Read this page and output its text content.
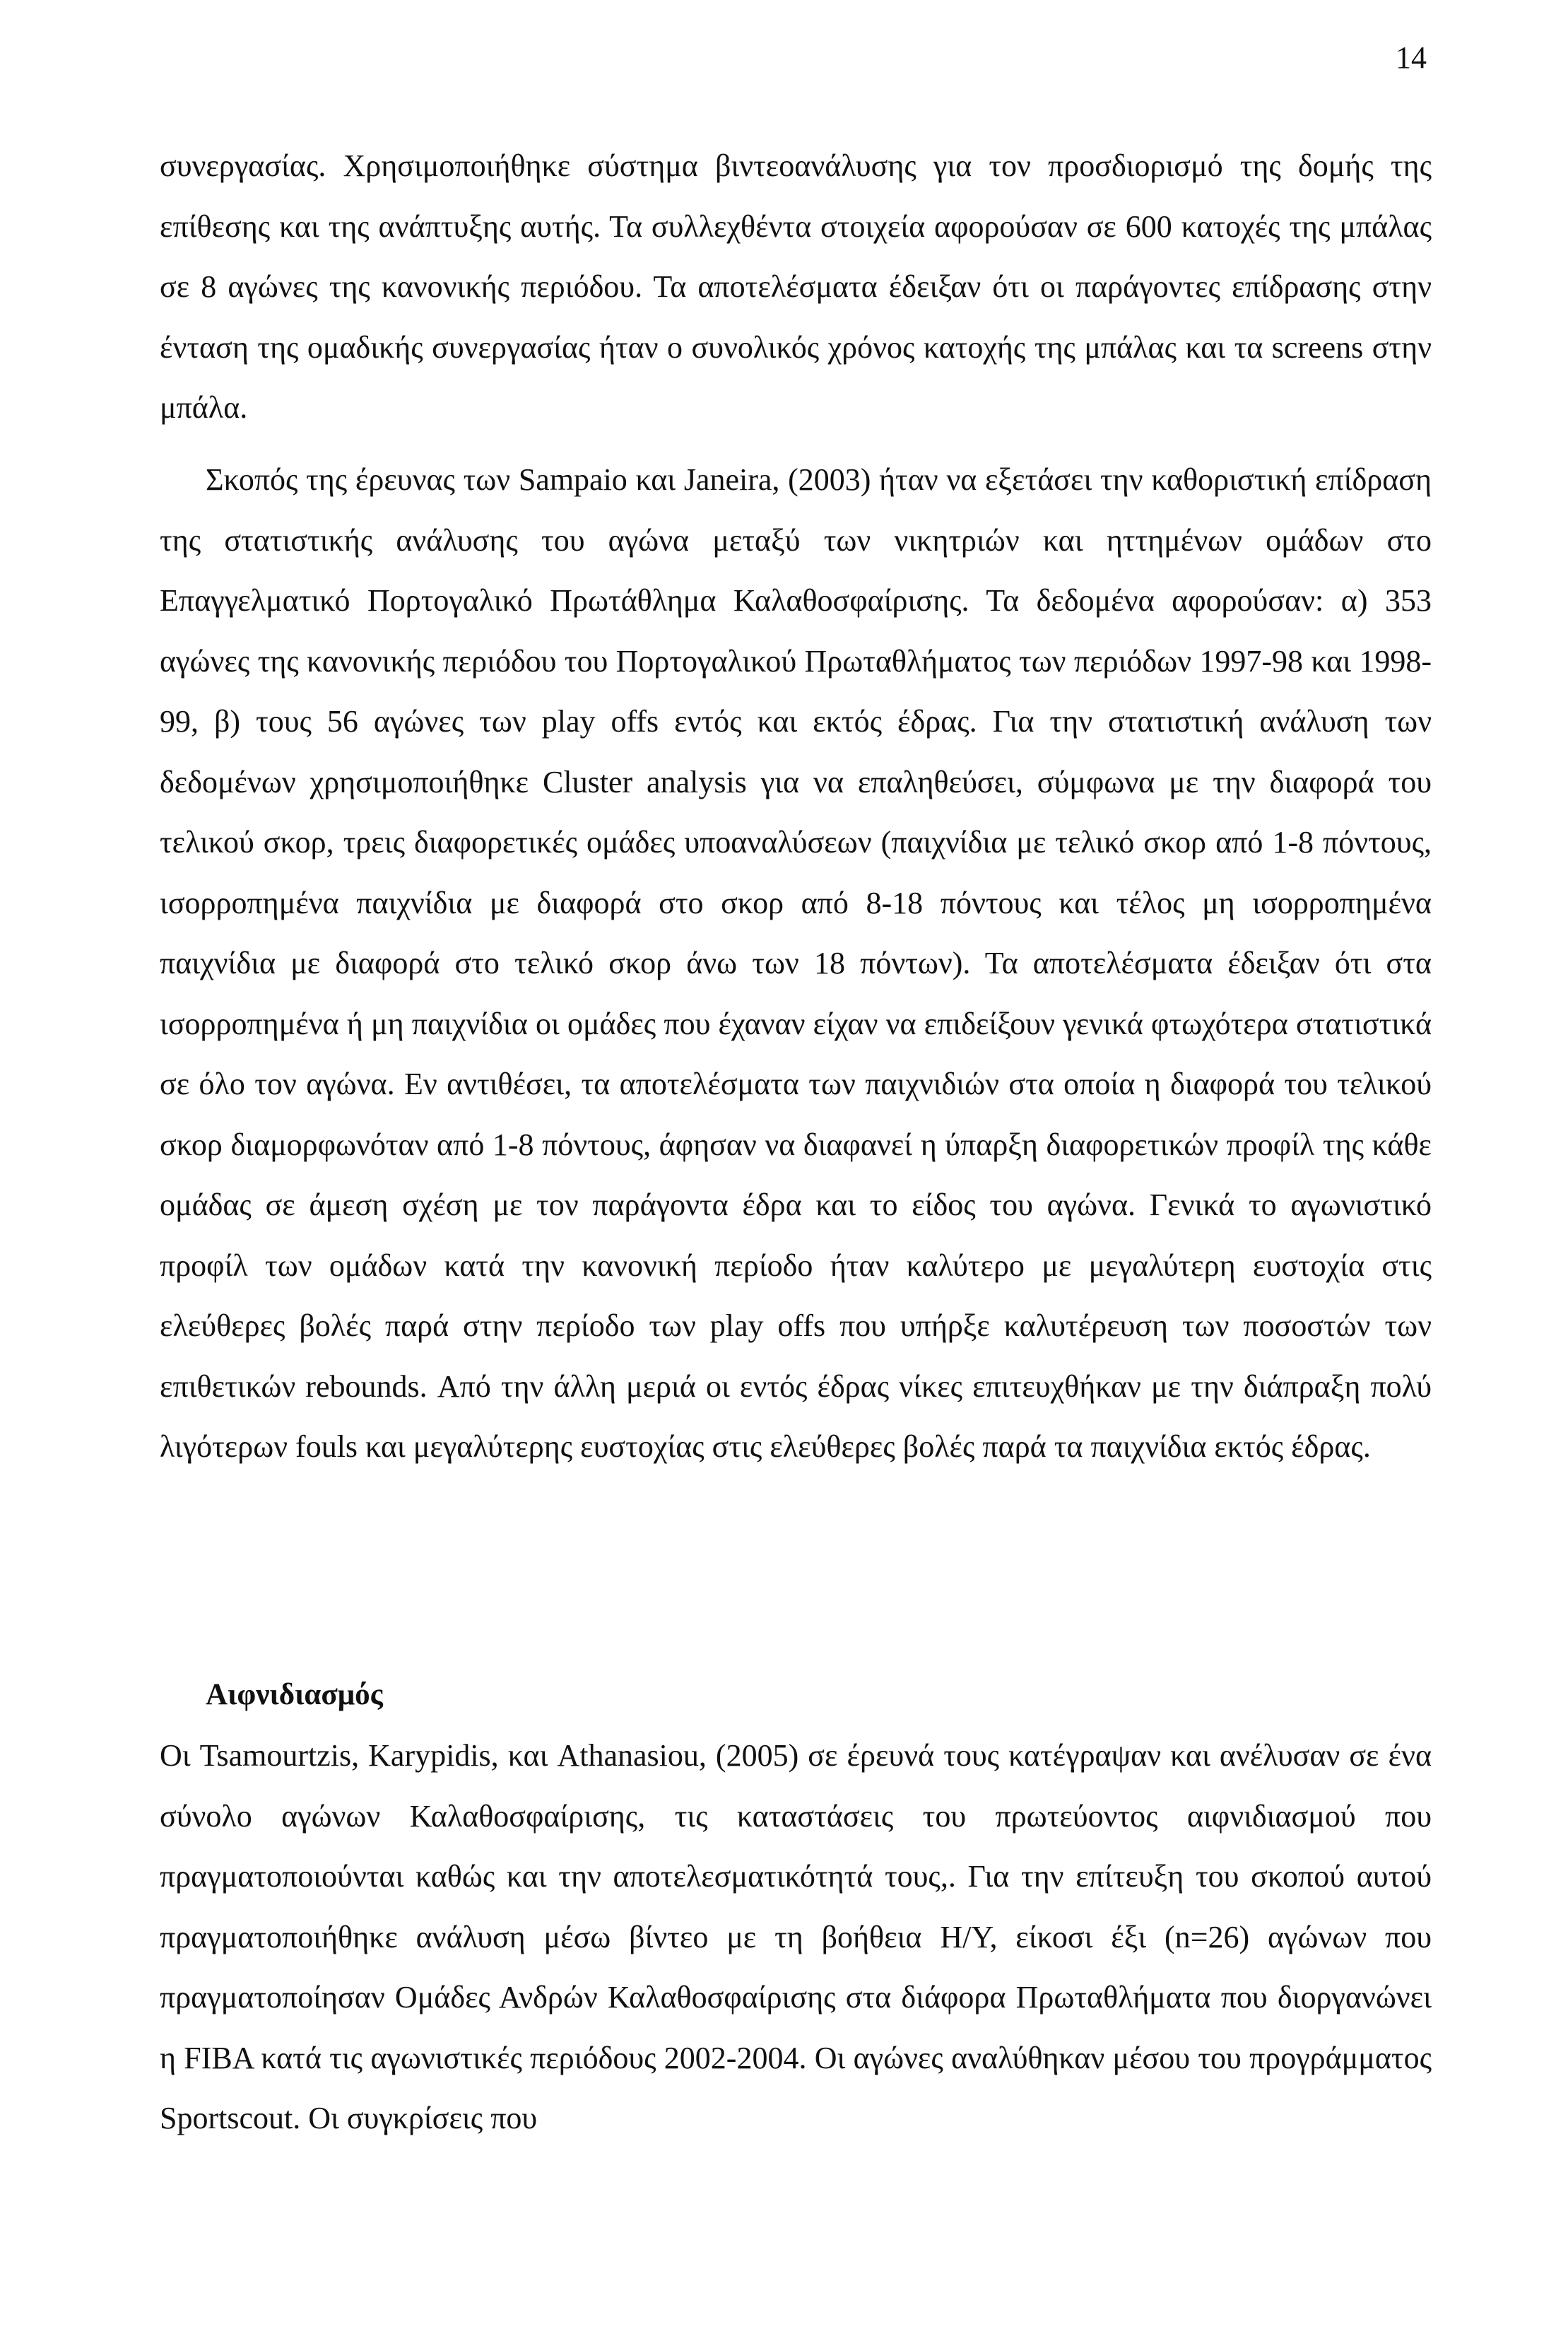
14

συνεργασίας. Χρησιμοποιήθηκε σύστημα βιντεοανάλυσης για τον προσδιορισμό της δομής της επίθεσης και της ανάπτυξης αυτής. Τα συλλεχθέντα στοιχεία αφορούσαν σε 600 κατοχές της μπάλας σε 8 αγώνες της κανονικής περιόδου. Τα αποτελέσματα έδειξαν ότι οι παράγοντες επίδρασης στην ένταση της ομαδικής συνεργασίας ήταν ο συνολικός χρόνος κατοχής της μπάλας και τα screens στην μπάλα.

Σκοπός της έρευνας των Sampaio και Janeira, (2003) ήταν να εξετάσει την καθοριστική επίδραση της στατιστικής ανάλυσης του αγώνα μεταξύ των νικητριών και ηττημένων ομάδων στο Επαγγελματικό Πορτογαλικό Πρωτάθλημα Καλαθοσφαίρισης. Τα δεδομένα αφορούσαν: α) 353 αγώνες της κανονικής περιόδου του Πορτογαλικού Πρωταθλήματος των περιόδων 1997-98 και 1998-99, β) τους 56 αγώνες των play offs εντός και εκτός έδρας. Για την στατιστική ανάλυση των δεδομένων χρησιμοποιήθηκε Cluster analysis για να επαληθεύσει, σύμφωνα με την διαφορά του τελικού σκορ, τρεις διαφορετικές ομάδες υποαναλύσεων (παιχνίδια με τελικό σκορ από 1-8 πόντους, ισορροπημένα παιχνίδια με διαφορά στο σκορ από 8-18 πόντους και τέλος μη ισορροπημένα παιχνίδια με διαφορά στο τελικό σκορ άνω των 18 πόντων). Τα αποτελέσματα έδειξαν ότι στα ισορροπημένα ή μη παιχνίδια οι ομάδες που έχαναν είχαν να επιδείξουν γενικά φτωχότερα στατιστικά σε όλο τον αγώνα. Εν αντιθέσει, τα αποτελέσματα των παιχνιδιών στα οποία η διαφορά του τελικού σκορ διαμορφωνόταν από 1-8 πόντους, άφησαν να διαφανεί η ύπαρξη διαφορετικών προφίλ της κάθε ομάδας σε άμεση σχέση με τον παράγοντα έδρα και το είδος του αγώνα. Γενικά το αγωνιστικό προφίλ των ομάδων κατά την κανονική περίοδο ήταν καλύτερο με μεγαλύτερη ευστοχία στις ελεύθερες βολές παρά στην περίοδο των play offs που υπήρξε καλυτέρευση των ποσοστών των επιθετικών rebounds. Από την άλλη μεριά οι εντός έδρας νίκες επιτευχθήκαν με την διάπραξη πολύ λιγότερων fouls και μεγαλύτερης ευστοχίας στις ελεύθερες βολές παρά τα παιχνίδια εκτός έδρας.

Αιφνιδιασμός

Οι Tsamourtzis, Karypidis, και Athanasiou, (2005) σε έρευνά τους κατέγραψαν και ανέλυσαν σε ένα σύνολο αγώνων Καλαθοσφαίρισης, τις καταστάσεις του πρωτεύοντος αιφνιδιασμού που πραγματοποιούνται καθώς και την αποτελεσματικότητά τους,. Για την επίτευξη του σκοπού αυτού πραγματοποιήθηκε ανάλυση μέσω βίντεο με τη βοήθεια Η/Υ, είκοσι έξι (n=26) αγώνων που πραγματοποίησαν Ομάδες Ανδρών Καλαθοσφαίρισης στα διάφορα Πρωταθλήματα που διοργανώνει η FIBA κατά τις αγωνιστικές περιόδους 2002-2004. Οι αγώνες αναλύθηκαν μέσου του προγράμματος Sportscout. Οι συγκρίσεις που
